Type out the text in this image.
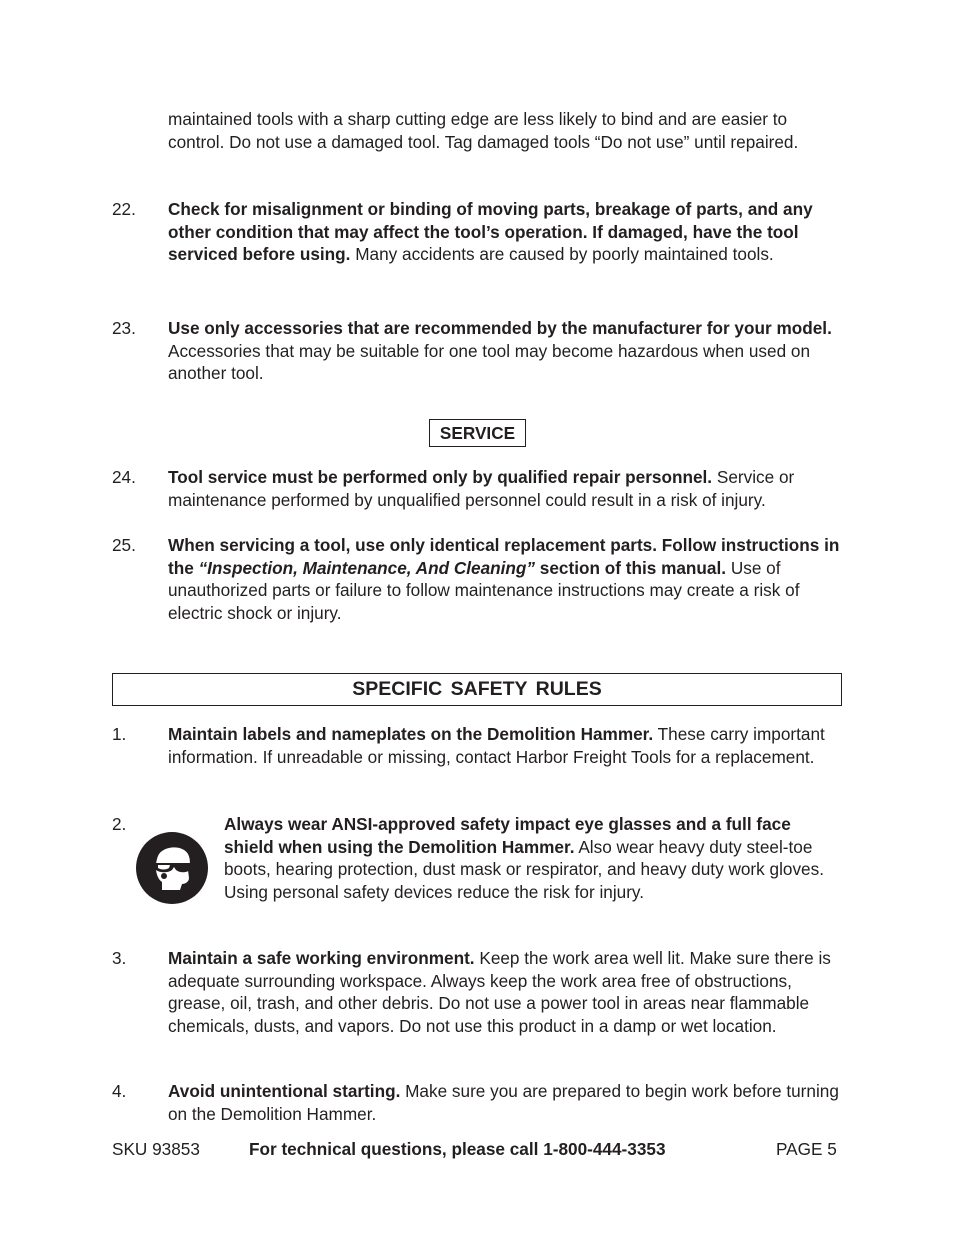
maintained tools with a sharp cutting edge are less likely to bind and are easier to control. Do not use a damaged tool. Tag damaged tools “Do not use” until repaired.

22. Check for misalignment or binding of moving parts, breakage of parts, and any other condition that may affect the tool’s operation. If damaged, have the tool serviced before using. Many accidents are caused by poorly maintained tools.

23. Use only accessories that are recommended by the manufacturer for your model. Accessories that may be suitable for one tool may become hazardous when used on another tool.

SERVICE
24. Tool service must be performed only by qualified repair personnel. Service or maintenance performed by unqualified personnel could result in a risk of injury.

25. When servicing a tool, use only identical replacement parts. Follow instructions in the “Inspection, Maintenance, And Cleaning” section of this manual. Use of unauthorized parts or failure to follow maintenance instructions may create a risk of electric shock or injury.

SPECIFIC SAFETY RULES
1. Maintain labels and nameplates on the Demolition Hammer. These carry important information. If unreadable or missing, contact Harbor Freight Tools for a replacement.

2.	Always wear ANSI-approved safety impact eye glasses and a full face shield when using the Demolition Hammer. Also wear heavy duty steel-toe boots, hearing protection, dust mask or respirator, and heavy duty work gloves. Using personal safety devices reduce the risk for injury.

3. Maintain a safe working environment. Keep the work area well lit. Make sure there is adequate surrounding workspace. Always keep the work area free of obstructions, grease, oil, trash, and other debris. Do not use a power tool in areas near flammable chemicals, dusts, and vapors. Do not use this product in a damp or wet location.

4. Avoid unintentional starting. Make sure you are prepared to begin work before turning on the Demolition Hammer.

SKU 93853	For technical questions, please call 1-800-444-3353	PAGE 5
